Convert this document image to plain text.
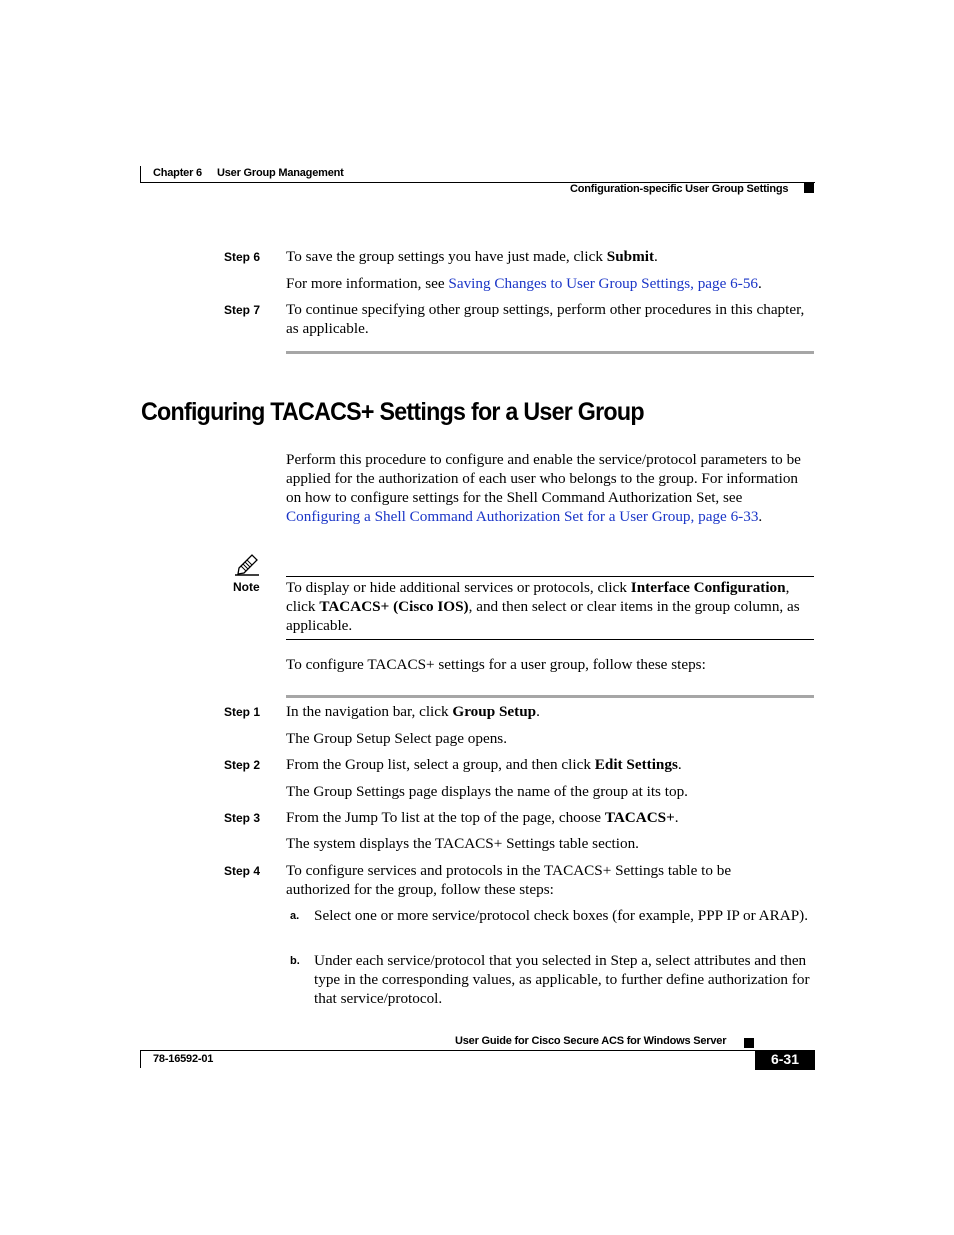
Chapter 6 User Group Management
Configuration-specific User Group Settings
Step 6 To save the group settings you have just made, click Submit.
For more information, see Saving Changes to User Group Settings, page 6-56.
Step 7 To continue specifying other group settings, perform other procedures in this chapter, as applicable.
Configuring TACACS+ Settings for a User Group
Perform this procedure to configure and enable the service/protocol parameters to be applied for the authorization of each user who belongs to the group. For information on how to configure settings for the Shell Command Authorization Set, see Configuring a Shell Command Authorization Set for a User Group, page 6-33.
Note To display or hide additional services or protocols, click Interface Configuration, click TACACS+ (Cisco IOS), and then select or clear items in the group column, as applicable.
To configure TACACS+ settings for a user group, follow these steps:
Step 1 In the navigation bar, click Group Setup.
The Group Setup Select page opens.
Step 2 From the Group list, select a group, and then click Edit Settings.
The Group Settings page displays the name of the group at its top.
Step 3 From the Jump To list at the top of the page, choose TACACS+.
The system displays the TACACS+ Settings table section.
Step 4 To configure services and protocols in the TACACS+ Settings table to be authorized for the group, follow these steps:
a. Select one or more service/protocol check boxes (for example, PPP IP or ARAP).
b. Under each service/protocol that you selected in Step a, select attributes and then type in the corresponding values, as applicable, to further define authorization for that service/protocol.
User Guide for Cisco Secure ACS for Windows Server
78-16592-01	6-31
